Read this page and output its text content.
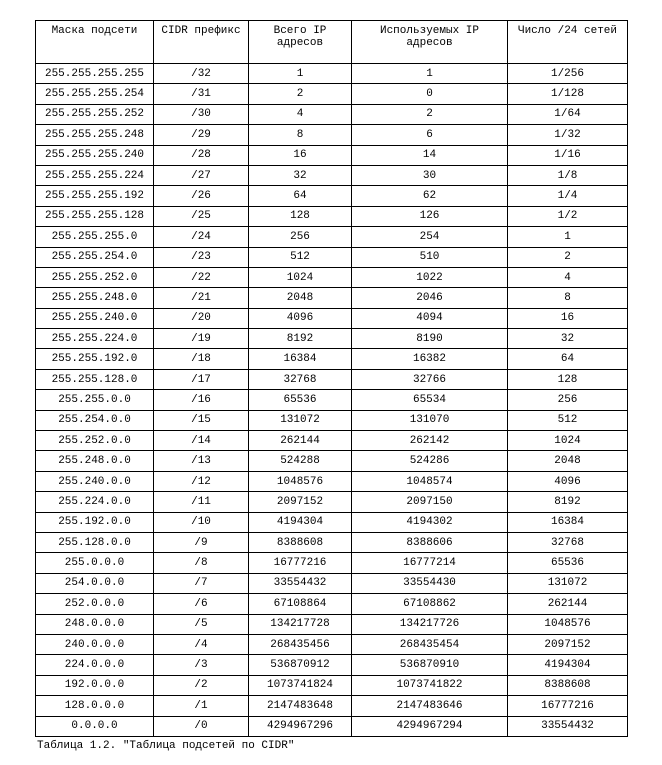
Маска подсети	CIDR префикс	Всего IP адресов	Используемых IP адресов	Число /24 сетей
255.255.255.255	/32	1	1	1/256
255.255.255.254	/31	2	0	1/128
255.255.255.252	/30	4	2	1/64
255.255.255.248	/29	8	6	1/32
255.255.255.240	/28	16	14	1/16
255.255.255.224	/27	32	30	1/8
255.255.255.192	/26	64	62	1/4
255.255.255.128	/25	128	126	1/2
255.255.255.0	/24	256	254	1
255.255.254.0	/23	512	510	2
255.255.252.0	/22	1024	1022	4
255.255.248.0	/21	2048	2046	8
255.255.240.0	/20	4096	4094	16
255.255.224.0	/19	8192	8190	32
255.255.192.0	/18	16384	16382	64
255.255.128.0	/17	32768	32766	128
255.255.0.0	/16	65536	65534	256
255.254.0.0	/15	131072	131070	512
255.252.0.0	/14	262144	262142	1024
255.248.0.0	/13	524288	524286	2048
255.240.0.0	/12	1048576	1048574	4096
255.224.0.0	/11	2097152	2097150	8192
255.192.0.0	/10	4194304	4194302	16384
255.128.0.0	/9	8388608	8388606	32768
255.0.0.0	/8	16777216	16777214	65536
254.0.0.0	/7	33554432	33554430	131072
252.0.0.0	/6	67108864	67108862	262144
248.0.0.0	/5	134217728	134217726	1048576
240.0.0.0	/4	268435456	268435454	2097152
224.0.0.0	/3	536870912	536870910	4194304
192.0.0.0	/2	1073741824	1073741822	8388608
128.0.0.0	/1	2147483648	2147483646	16777216
0.0.0.0	/0	4294967296	4294967294	33554432
Таблица 1.2. "Таблица подсетей по CIDR"
